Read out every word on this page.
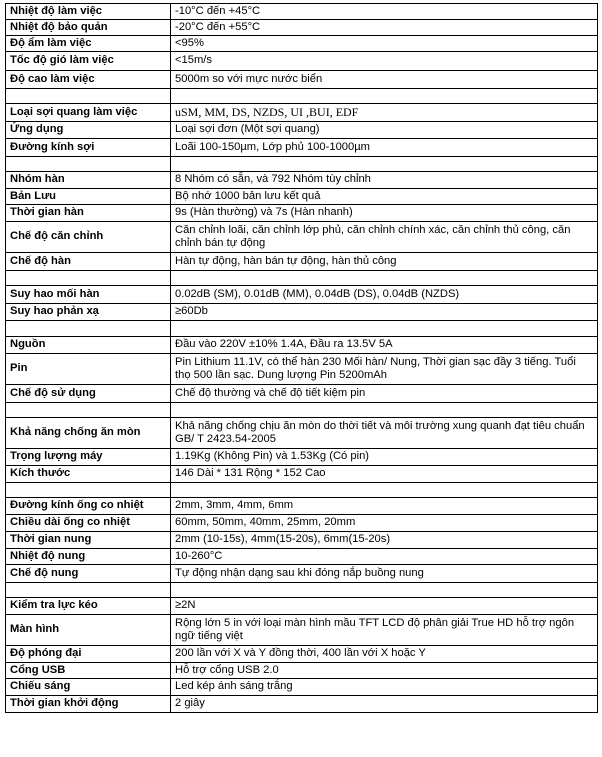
Nhiệt độ làm việc	-10°C đến +45°C
Nhiệt độ bảo quản	-20°C đến +55°C
Độ ẩm làm việc	<95%
Tốc độ gió làm việc	<15m/s
Độ cao làm việc	5000m so với mực nước biển

Loại sợi quang làm việc	uSM, MM, DS, NZDS, UI ,BUI, EDF
Ứng dụng	Loại sợi đơn (Một sợi quang)
Đường kính sợi	Loãi 100-150µm, Lớp phủ 100-1000µm

Nhóm hàn	8 Nhóm có sẵn, và 792 Nhóm tùy chỉnh
Bản Lưu	Bộ nhớ 1000 bản lưu kết quả
Thời gian hàn	9s (Hàn thường) và 7s (Hàn nhanh)
Chế độ căn chỉnh	Căn chỉnh loãi, căn chỉnh lớp phủ, căn chỉnh chính xác, căn chỉnh thủ công, căn chỉnh bán tự động
Chế độ hàn	Hàn tự động, hàn bán tự động, hàn thủ công

Suy hao mối hàn	0.02dB (SM), 0.01dB (MM), 0.04dB (DS), 0.04dB (NZDS)
Suy hao phản xạ	≥60Db

Nguồn	Đầu vào 220V ±10% 1.4A, Đầu ra 13.5V 5A
Pin	Pin Lithium 11.1V, có thể hàn 230 Mối hàn/ Nung, Thời gian sạc đầy 3 tiếng. Tuổi thọ 500 lần sạc. Dung lượng Pin 5200mAh
Chế độ sử dụng	Chế độ thường và chế độ tiết kiệm pin

Khả năng chống ăn mòn	Khả năng chống chịu ăn mòn do thời tiết và môi trường xung quanh đạt tiêu chuẩn GB/ T 2423.54-2005
Trọng lượng máy	1.19Kg (Không Pin) và 1.53Kg (Có pin)
Kích thước	146 Dài * 131 Rộng * 152 Cao

Đường kính ống co nhiệt	2mm, 3mm, 4mm, 6mm
Chiều dài ống co nhiệt	60mm, 50mm, 40mm, 25mm, 20mm
Thời gian nung	2mm (10-15s), 4mm(15-20s), 6mm(15-20s)
Nhiệt độ nung	10-260°C
Chế độ nung	Tự động nhận dạng sau khi đóng nắp buồng nung

Kiểm tra lực kéo	≥2N
Màn hình	Rộng lớn 5 in với loại màn hình mầu TFT LCD độ phân giải True HD hỗ trợ ngôn ngữ tiếng việt
Độ phóng đại	200 lần với X và Y đồng thời, 400 lần với X hoặc Y
Cổng USB	Hỗ trợ cổng USB 2.0
Chiếu sáng	Led kép ánh sáng trắng
Thời gian khởi động	2 giây
